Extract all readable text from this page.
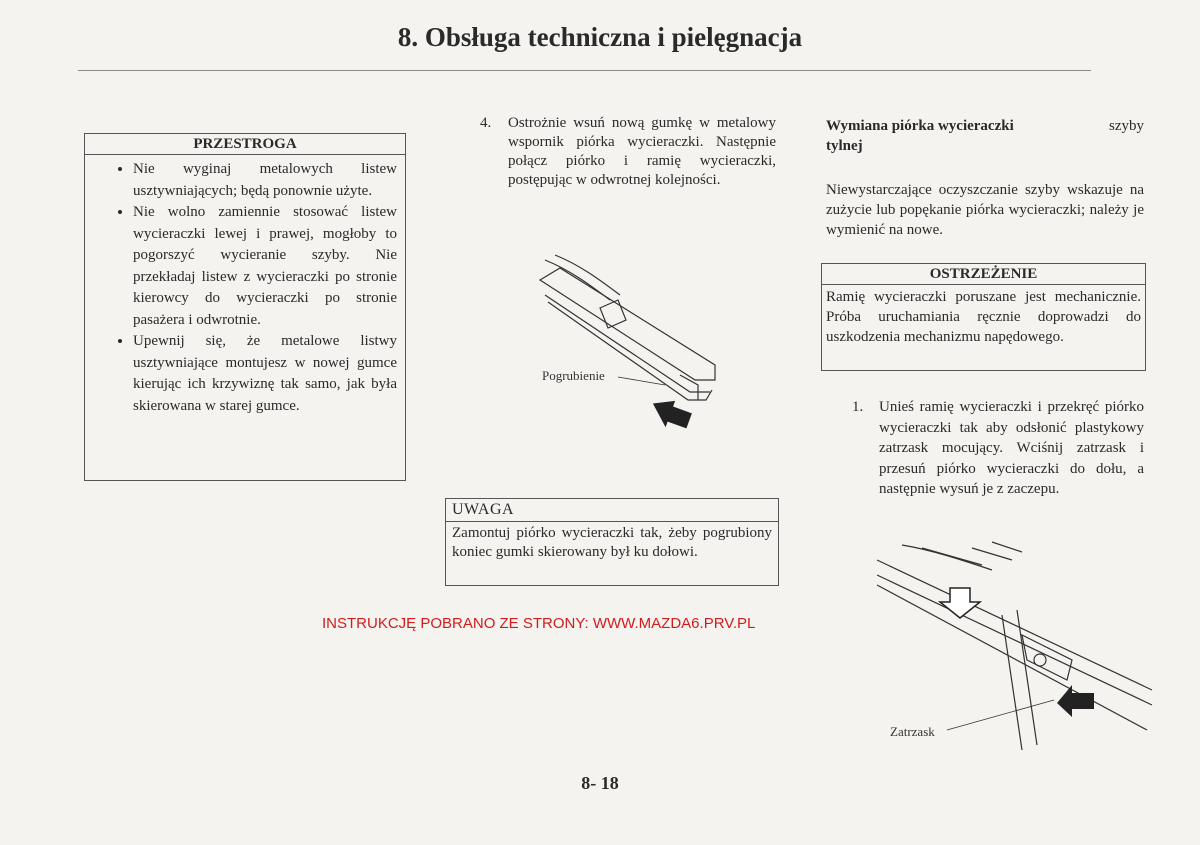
8. Obsługa techniczna i pielęgnacja
PRZESTROGA
• Nie wyginaj metalowych listew usztywniających; będą ponownie użyte.
• Nie wolno zamiennie stosować listew wycieraczki lewej i prawej, mogłoby to pogorszyć wycieranie szyby. Nie przekładaj listew z wycieraczki po stronie kierowcy do wycieraczki po stronie pasażera i odwrotnie.
• Upewnij się, że metalowe listwy usztywniające montujesz w nowej gumce kierując ich krzywiznę tak samo, jak była skierowana w starej gumce.
4. Ostrożnie wsuń nową gumkę w metalowy wspornik piórka wycieraczki. Następnie połącz piórko i ramię wycieraczki, postępując w odwrotnej kolejności.
Pogrubienie
UWAGA
Zamontuj piórko wycieraczki tak, żeby pogrubiony koniec gumki skierowany był ku dołowi.
INSTRUKCJĘ POBRANO ZE STRONY: WWW.MAZDA6.PRV.PL
Wymiana piórka wycieraczki	szyby

tylnej
Niewystarczające oczyszczanie szyby wskazuje na zużycie lub popękanie piórka wycieraczki; należy je wymienić na nowe.
OSTRZEŻENIE
Ramię wycieraczki poruszane jest mechanicznie. Próba uruchamiania ręcznie doprowadzi do uszkodzenia mechanizmu napędowego.
1. Unieś ramię wycieraczki i przekręć piórko wycieraczki tak aby odsłonić plastykowy zatrzask mocujący. Wciśnij zatrzask i przesuń piórko wycieraczki do dołu, a następnie wysuń je z zaczepu.
Zatrzask
8- 18
